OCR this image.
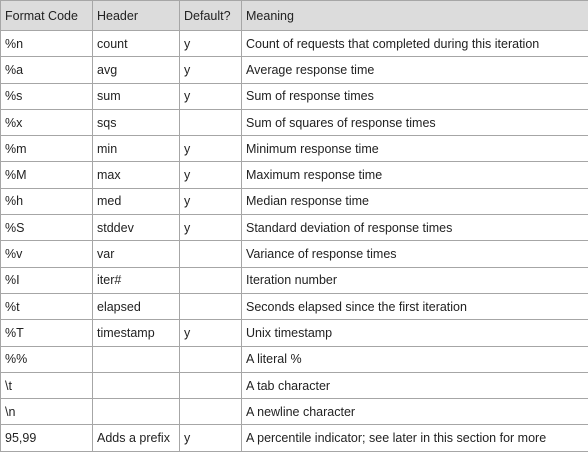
Format Code	Header	Default?	Meaning
%n	count	y	Count of requests that completed during this iteration
%a	avg	y	Average response time
%s	sum	y	Sum of response times
%x	sqs		Sum of squares of response times
%m	min	y	Minimum response time
%M	max	y	Maximum response time
%h	med	y	Median response time
%S	stddev	y	Standard deviation of response times
%v	var		Variance of response times
%I	iter#		Iteration number
%t	elapsed		Seconds elapsed since the first iteration
%T	timestamp	y	Unix timestamp
%%			A literal %
\t			A tab character
\n			A newline character
95,99	Adds a prefix	y	A percentile indicator; see later in this section for more
